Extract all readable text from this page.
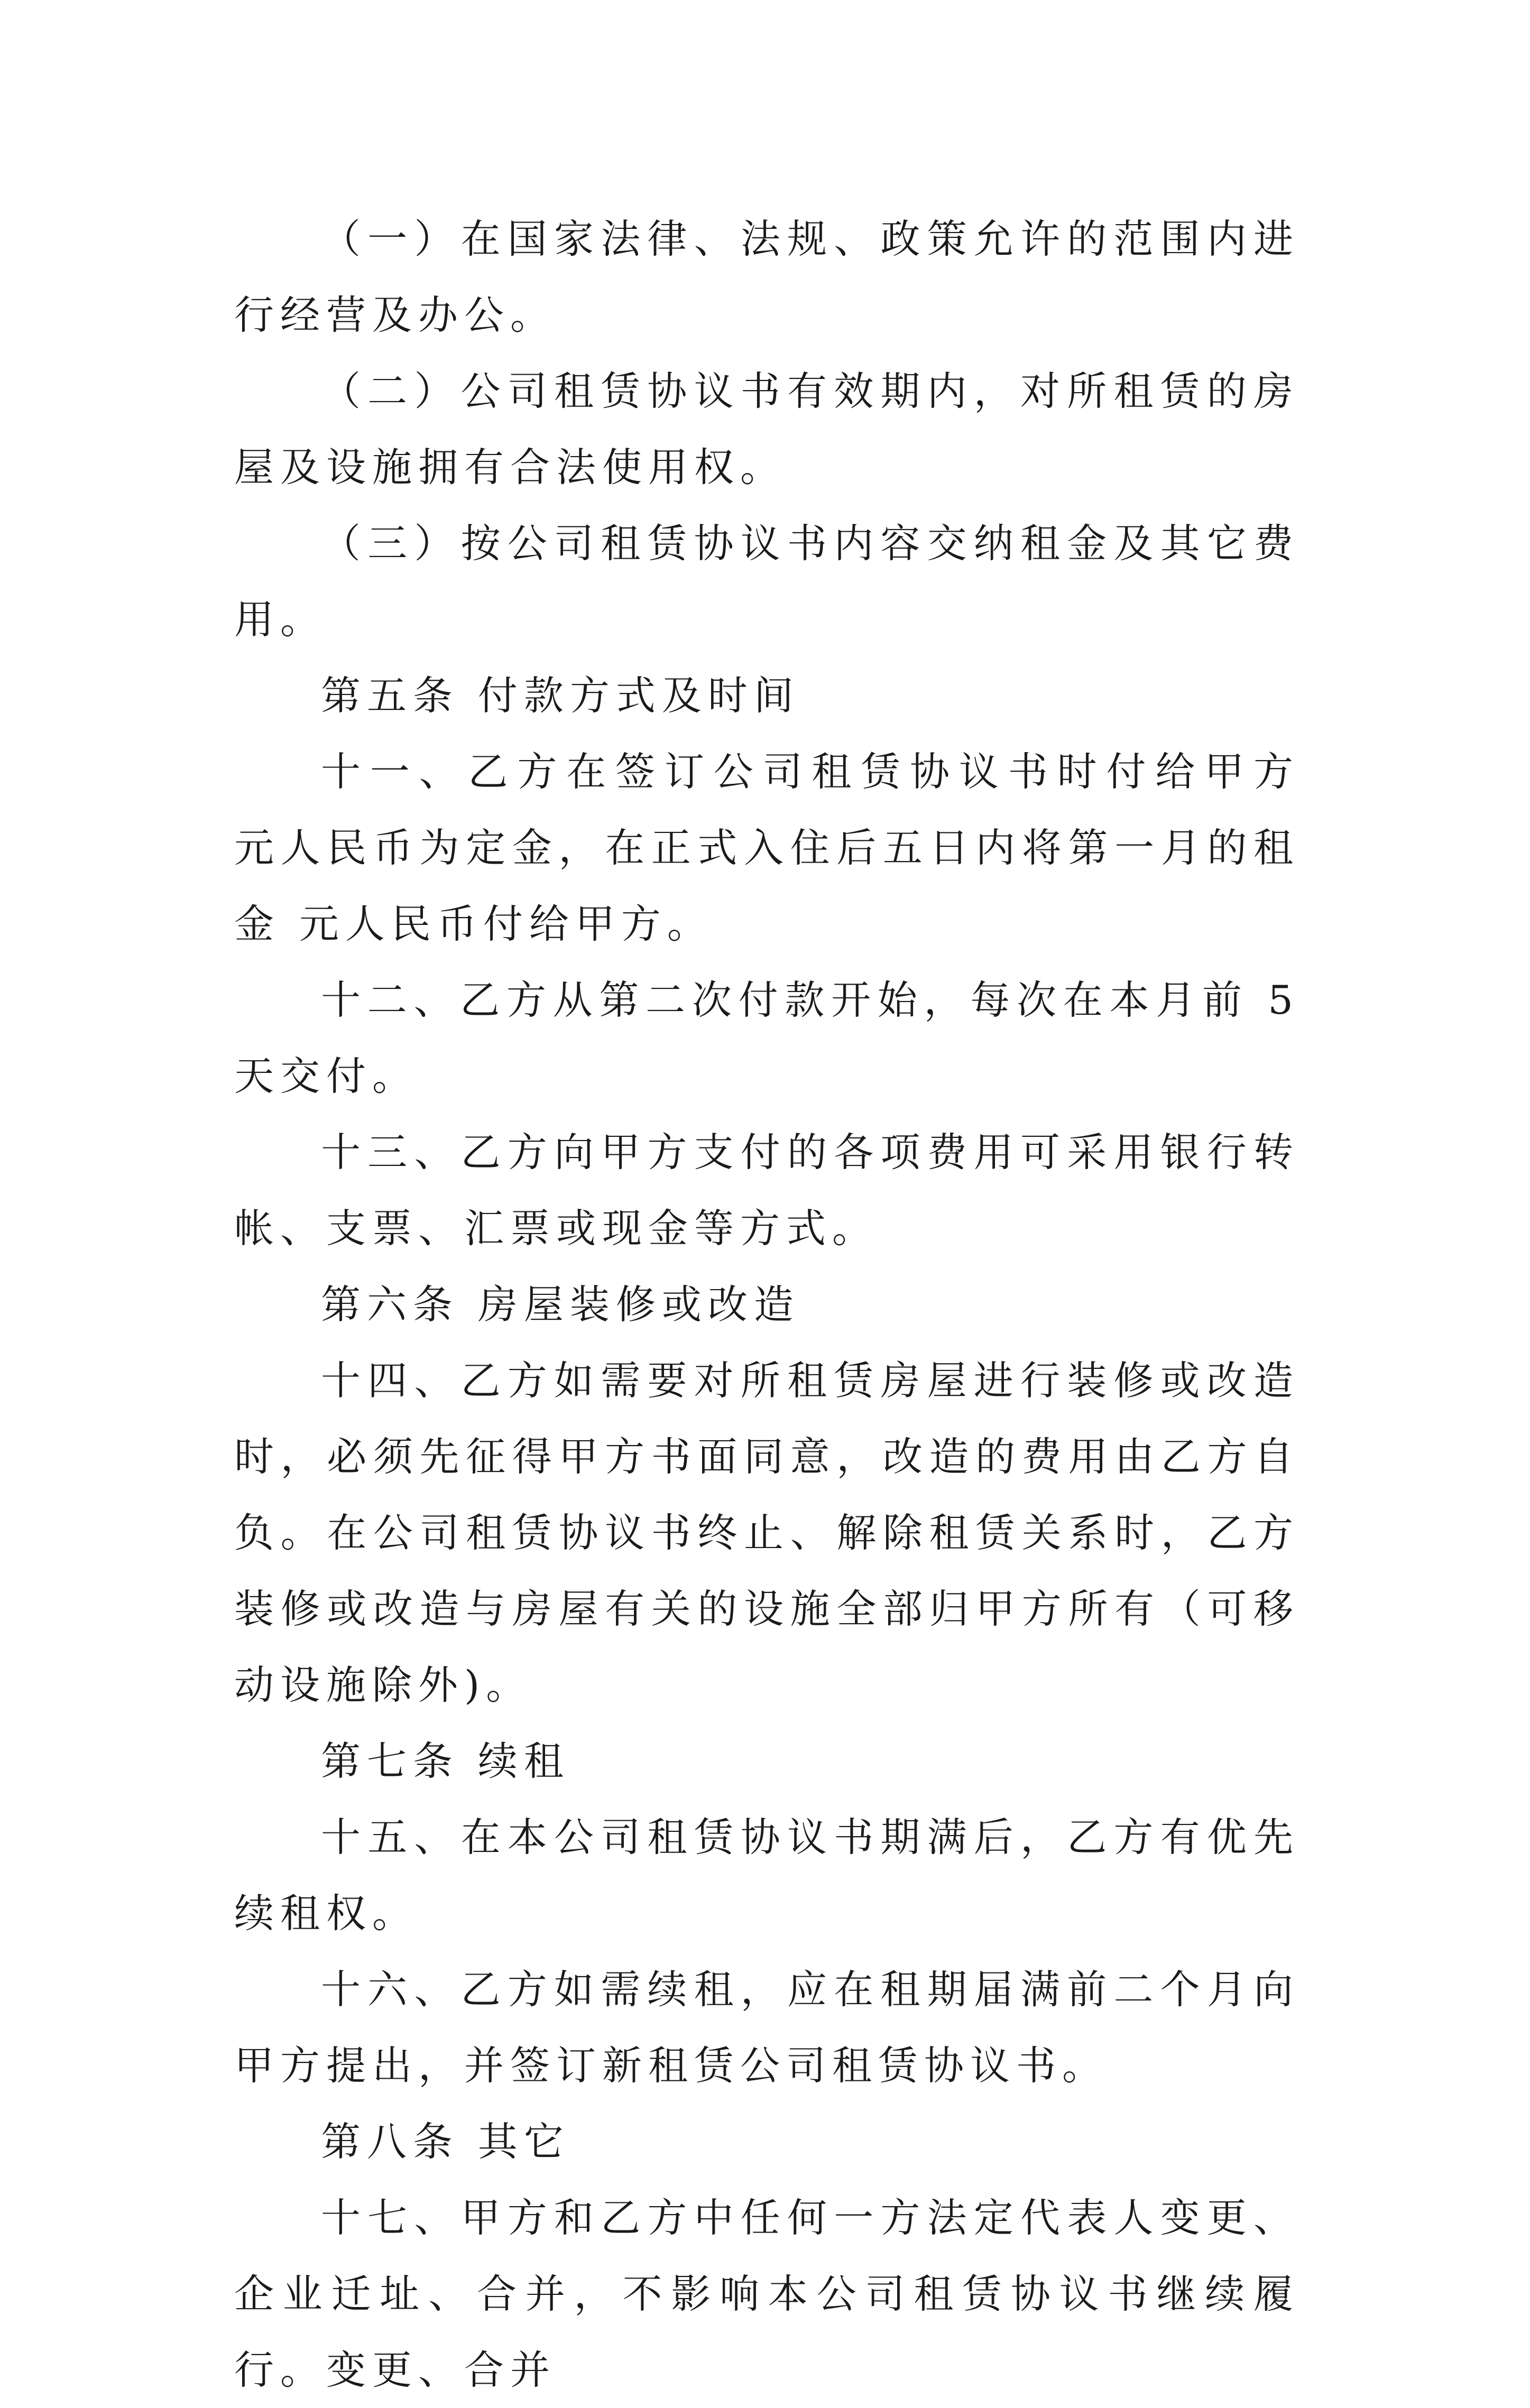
（一）在国家法律、法规、政策允许的范围内进行经营及办公。

（二）公司租赁协议书有效期内，对所租赁的房屋及设施拥有合法使用权。

（三）按公司租赁协议书内容交纳租金及其它费用。

第五条 付款方式及时间

十一、乙方在签订公司租赁协议书时付给甲方 元人民币为定金，在正式入住后五日内将第一月的租金 元人民币付给甲方。

十二、乙方从第二次付款开始，每次在本月前 5 天交付。

十三、乙方向甲方支付的各项费用可采用银行转帐、支票、汇票或现金等方式。

第六条 房屋装修或改造

十四、乙方如需要对所租赁房屋进行装修或改造时，必须先征得甲方书面同意，改造的费用由乙方自负。在公司租赁协议书终止、解除租赁关系时，乙方装修或改造与房屋有关的设施全部归甲方所有（可移动设施除外)。

第七条 续租

十五、在本公司租赁协议书期满后，乙方有优先续租权。

十六、乙方如需续租，应在租期届满前二个月向甲方提出，并签订新租赁公司租赁协议书。

第八条 其它

十七、甲方和乙方中任何一方法定代表人变更、企业迁址、合并，不影响本公司租赁协议书继续履行。变更、合并
